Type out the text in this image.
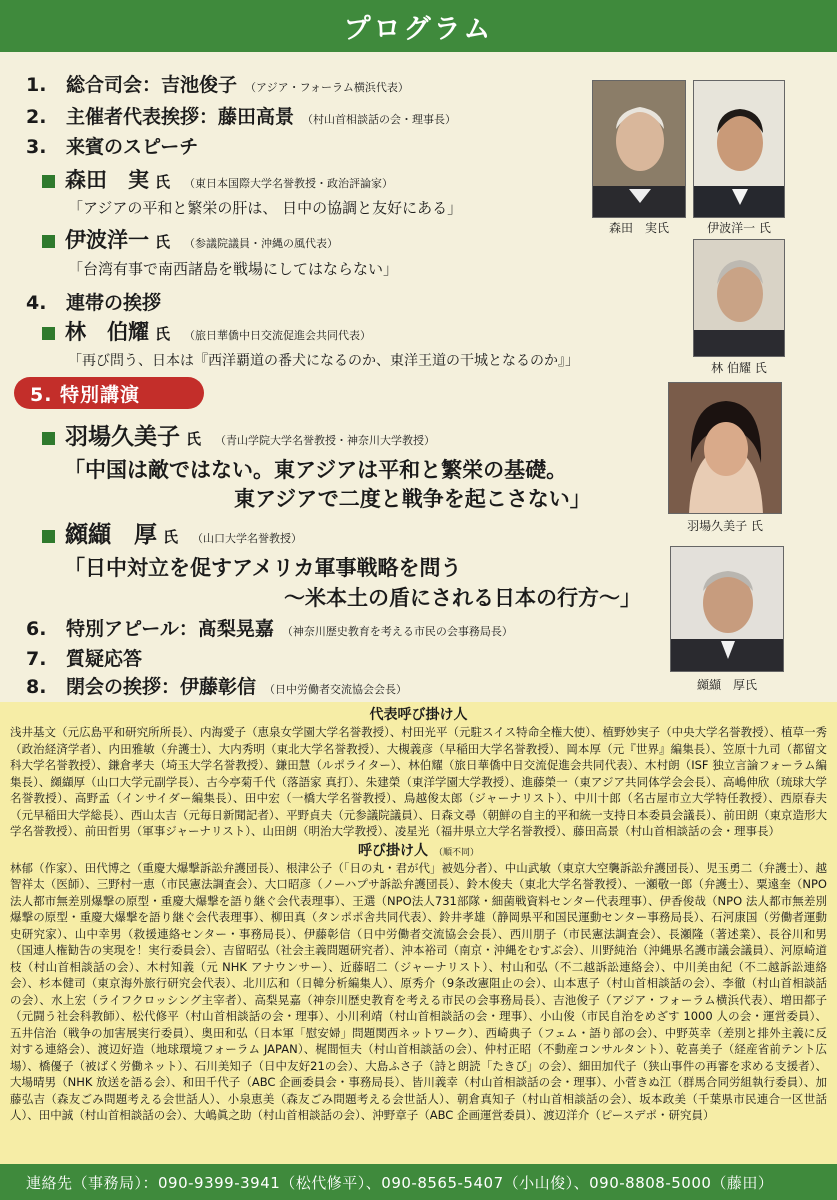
プログラム
1.	総合司会：吉池俊子 （アジア・フォーラム横浜代表）
2.	主催者代表挨拶：藤田高景 （村山首相談話の会・理事長）
3.	来賓のスピーチ
森田　実 氏 （東日本国際大学名誉教授・政治評論家）
「アジアの平和と繁栄の肝は、 日中の協調と友好にある」
伊波洋一 氏 （参議院議員・沖縄の風代表）
「台湾有事で南西諸島を戦場にしてはならない」
4.	連帯の挨拶
林　伯耀 氏 （旅日華僑中日交流促進会共同代表）
「再び問う、日本は『西洋覇道の番犬になるのか、東洋王道の干城となるのか』」
5. 特別講演
羽場久美子 氏 （青山学院大学名誉教授・神奈川大学教授）
「中国は敵ではない。東アジアは平和と繁栄の基礎。
東アジアで二度と戦争を起こさない」
纐纈　厚 氏 （山口大学名誉教授）
「日中対立を促すアメリカ軍事戦略を問う
～米本土の盾にされる日本の行方～」
6.	特別アピール：髙梨晃嘉 （神奈川歴史教育を考える市民の会事務局長）
7.	質疑応答
8.	閉会の挨拶：伊藤彰信 （日中労働者交流協会会長）
森田　実氏	伊波洋一 氏
林 伯耀 氏
羽場久美子 氏
纐纈　厚氏
代表呼び掛け人
浅井基文（元広島平和研究所所長）、内海愛子（恵泉女学園大学名誉教授）、村田光平（元駐スイス特命全権大使）、植野妙実子（中央大学名誉教授）、植草一秀（政治経済学者）、内田雅敏（弁護士）、大内秀明（東北大学名誉教授）、大槻義彦（早稲田大学名誉教授）、岡本厚（元『世界』編集長）、笠原十九司（都留文科大学名誉教授）、鎌倉孝夫（埼玉大学名誉教授）、鎌田慧（ルポライター）、林伯耀（旅日華僑中日交流促進会共同代表）、木村朗（ISF 独立言論フォーラム編集長）、纐纈厚（山口大学元副学長）、古今亭菊千代（落語家 真打）、朱建榮（東洋学園大学教授）、進藤榮一（東アジア共同体学会会長）、高嶋伸欣（琉球大学名誉教授）、高野孟（インサイダー編集長）、田中宏（一橋大学名誉教授）、鳥越俊太郎（ジャーナリスト）、中川十郎（名古屋市立大学特任教授）、西原春夫（元早稲田大学総長）、西山太吉（元毎日新聞記者）、平野貞夫（元参議院議員）、日森文尋（朝鮮の自主的平和統一支持日本委員会議長）、前田朗（東京造形大学名誉教授）、前田哲男（軍事ジャーナリスト）、山田朗（明治大学教授）、凌星光（福井県立大学名誉教授）、藤田高景（村山首相談話の会・理事長）
呼び掛け人 （順不同）
林郁（作家）、田代博之（重慶大爆撃訴訟弁護団長）、根津公子（「日の丸・君が代」被処分者）、中山武敏（東京大空襲訴訟弁護団長）、児玉勇二（弁護士）、越智祥太（医師）、三野村一恵（市民憲法調査会）、大口昭彦（ノーハプサ訴訟弁護団長）、鈴木俊夫（東北大学名誉教授）、一瀬敬一郎（弁護士）、粟遠奎（NPO 法人都市無差別爆撃の原型・重慶大爆撃を語り継ぐ会代表理事）、王選（NPO法人731部隊・細菌戦資料センター代表理事）、伊香俊哉（NPO 法人都市無差別爆撃の原型・重慶大爆撃を語り継ぐ会代表理事）、柳田真（タンポポ舎共同代表）、鈴井孝雄（静岡県平和国民運動センター事務局長）、石河康国（労働者運動史研究家）、山中幸男（救援連絡センター・事務局長）、伊藤彰信（日中労働者交流協会会長）、西川朋子（市民憲法調査会）、長瀬隆（著述業）、長谷川和男（国連人権勧告の実現を！実行委員会）、吉留昭弘（社会主義問題研究者）、沖本裕司（南京・沖縄をむすぶ会）、川野純治（沖縄県名護市議会議員）、河原崎道枝（村山首相談話の会）、木村知義（元 NHK アナウンサー）、近藤昭二（ジャーナリスト）、村山和弘（不二越訴訟連絡会）、中川美由紀（不二越訴訟連絡会）、杉本健司（東京海外旅行研究会代表）、北川広和（日韓分析編集人）、原秀介（9条改憲阻止の会）、山本恵子（村山首相談話の会）、李徹（村山首相談話の会）、水上宏（ライフクロッシング主宰者）、高梨晃嘉（神奈川歴史教育を考える市民の会事務局長）、吉池俊子（アジア・フォーラム横浜代表）、増田都子（元闘う社会科教師）、松代修平（村山首相談話の会・理事）、小川利靖（村山首相談話の会・理事）、小山俊（市民自治をめざす 1000 人の会・運営委員）、五井信治（戦争の加害展実行委員）、奥田和弘（日本軍「慰安婦」問題関西ネットワーク）、西崎典子（フェム・語り部の会）、中野英幸（差別と排外主義に反対する連絡会）、渡辺好造（地球環境フォーラム JAPAN）、梶間恒夫（村山首相談話の会）、仲村正昭（不動産コンサルタント）、乾喜美子（経産省前テント広場）、橋優子（被ばく労働ネット）、石川美知子（日中友好21の会）、大島ふさ子（詩と朗読「たきび」の会）、細田加代子（狭山事件の再審を求める支援者）、大場晴男（NHK 放送を語る会）、和田千代子（ABC 企画委員会・事務局長）、皆川義幸（村山首相談話の会・理事）、小菅きぬ江（群馬合同労組執行委員）、加藤弘吉（森友ごみ問題考える会世話人）、小泉恵美（森友ごみ問題考える会世話人）、朝倉真知子（村山首相談話の会）、坂本政美（千葉県市民連合一区世話人）、田中誠（村山首相談話の会）、大嶋眞之助（村山首相談話の会）、沖野章子（ABC 企画運営委員）、渡辺洋介（ピースデポ・研究員）
連絡先（事務局）：090-9399-3941（松代修平）、090-8565-5407（小山俊）、090-8808-5000（藤田）
